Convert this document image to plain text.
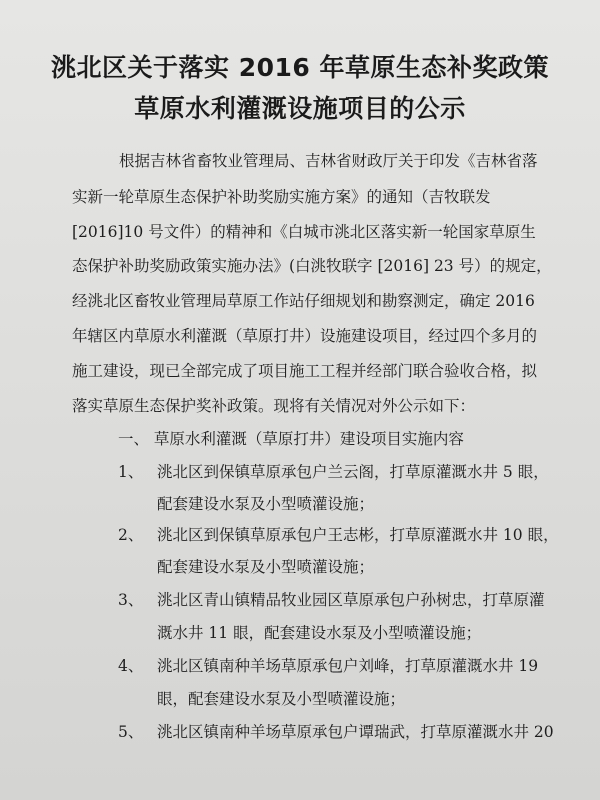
洮北区关于落实 2016 年草原生态补奖政策
草原水利灌溉设施项目的公示
根据吉林省畜牧业管理局、吉林省财政厅关于印发《吉林省落
实新一轮草原生态保护补助奖励实施方案》的通知（吉牧联发
[2016]10 号文件）的精神和《白城市洮北区落实新一轮国家草原生
态保护补助奖励政策实施办法》(白洮牧联字 [2016] 23 号）的规定，
经洮北区畜牧业管理局草原工作站仔细规划和勘察测定，确定 2016
年辖区内草原水利灌溉（草原打井）设施建设项目，经过四个多月的
施工建设，现已全部完成了项目施工工程并经部门联合验收合格，拟
落实草原生态保护奖补政策。现将有关情况对外公示如下：
一、 草原水利灌溉（草原打井）建设项目实施内容
1、 洮北区到保镇草原承包户兰云阁，打草原灌溉水井 5 眼，
配套建设水泵及小型喷灌设施；
2、 洮北区到保镇草原承包户王志彬，打草原灌溉水井 10 眼，
配套建设水泵及小型喷灌设施；
3、 洮北区青山镇精品牧业园区草原承包户孙树忠，打草原灌
溉水井 11 眼，配套建设水泵及小型喷灌设施；
4、 洮北区镇南种羊场草原承包户刘峰，打草原灌溉水井 19
眼，配套建设水泵及小型喷灌设施；
5、 洮北区镇南种羊场草原承包户谭瑞武，打草原灌溉水井 20
